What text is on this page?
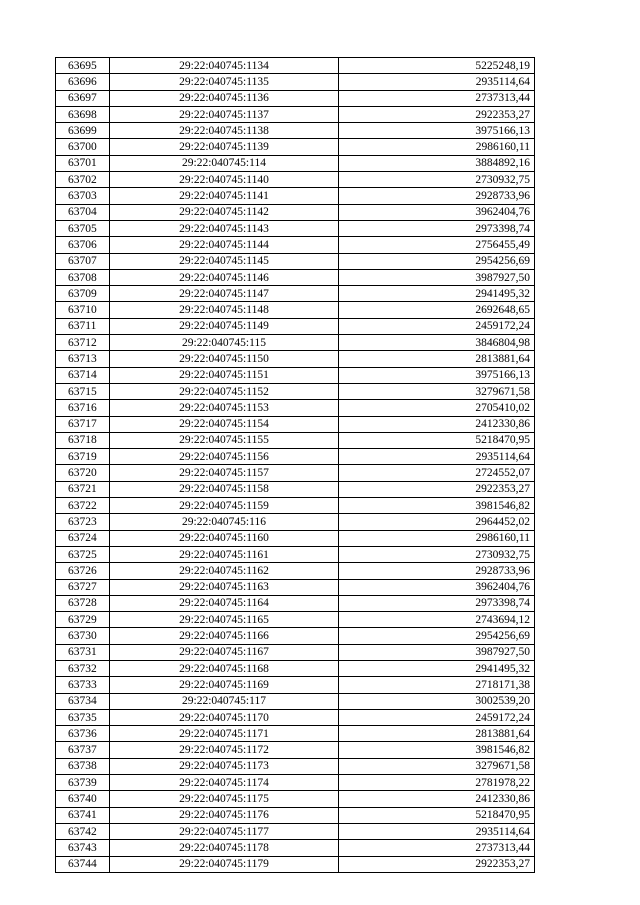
63695	29:22:040745:1134	5225248,19
63696	29:22:040745:1135	2935114,64
63697	29:22:040745:1136	2737313,44
63698	29:22:040745:1137	2922353,27
63699	29:22:040745:1138	3975166,13
63700	29:22:040745:1139	2986160,11
63701	29:22:040745:114	3884892,16
63702	29:22:040745:1140	2730932,75
63703	29:22:040745:1141	2928733,96
63704	29:22:040745:1142	3962404,76
63705	29:22:040745:1143	2973398,74
63706	29:22:040745:1144	2756455,49
63707	29:22:040745:1145	2954256,69
63708	29:22:040745:1146	3987927,50
63709	29:22:040745:1147	2941495,32
63710	29:22:040745:1148	2692648,65
63711	29:22:040745:1149	2459172,24
63712	29:22:040745:115	3846804,98
63713	29:22:040745:1150	2813881,64
63714	29:22:040745:1151	3975166,13
63715	29:22:040745:1152	3279671,58
63716	29:22:040745:1153	2705410,02
63717	29:22:040745:1154	2412330,86
63718	29:22:040745:1155	5218470,95
63719	29:22:040745:1156	2935114,64
63720	29:22:040745:1157	2724552,07
63721	29:22:040745:1158	2922353,27
63722	29:22:040745:1159	3981546,82
63723	29:22:040745:116	2964452,02
63724	29:22:040745:1160	2986160,11
63725	29:22:040745:1161	2730932,75
63726	29:22:040745:1162	2928733,96
63727	29:22:040745:1163	3962404,76
63728	29:22:040745:1164	2973398,74
63729	29:22:040745:1165	2743694,12
63730	29:22:040745:1166	2954256,69
63731	29:22:040745:1167	3987927,50
63732	29:22:040745:1168	2941495,32
63733	29:22:040745:1169	2718171,38
63734	29:22:040745:117	3002539,20
63735	29:22:040745:1170	2459172,24
63736	29:22:040745:1171	2813881,64
63737	29:22:040745:1172	3981546,82
63738	29:22:040745:1173	3279671,58
63739	29:22:040745:1174	2781978,22
63740	29:22:040745:1175	2412330,86
63741	29:22:040745:1176	5218470,95
63742	29:22:040745:1177	2935114,64
63743	29:22:040745:1178	2737313,44
63744	29:22:040745:1179	2922353,27
